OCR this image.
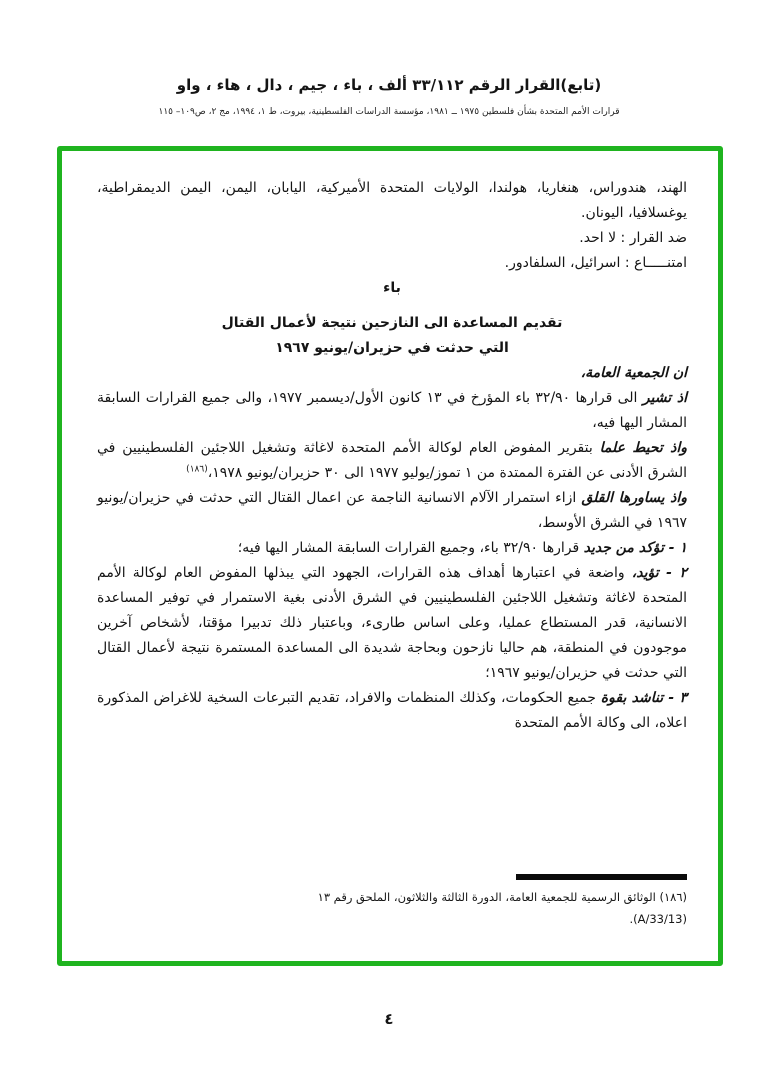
(تابع)القرار الرقم ٣٣/١١٢ ألف ، باء ، جيم ، دال ، هاء ، واو
قرارات الأمم المتحدة بشأن فلسطين ١٩٧٥ ــ ١٩٨١، مؤسسة الدراسات الفلسطينية، بيروت، ط ١، ١٩٩٤، مج ٢، ص١٠٩– ١١٥

الهند، هندوراس، هنغاريا، هولندا، الولايات المتحدة الأميركية، اليابان، اليمن، اليمن الديمقراطية، يوغسلافيا، اليونان.

ضد القرار : لا احد.

امتنـــــاع : اسرائيل، السلفادور.

باء

تقديم المساعدة الى النازحين نتيجة لأعمال القتال

التي حدثت في حزيران/يونيو ١٩٦٧

ان الجمعية العامة،

اذ تشير الى قرارها ٣٢/٩٠ باء المؤرخ في ١٣ كانون الأول/ديسمبر ١٩٧٧، والى جميع القرارات السابقة المشار اليها فيه،

واذ تحيط علما بتقرير المفوض العام لوكالة الأمم المتحدة لاغاثة وتشغيل اللاجئين الفلسطينيين في الشرق الأدنى عن الفترة الممتدة من ١ تموز/يوليو ١٩٧٧ الى ٣٠ حزيران/يونيو ١٩٧٨،$^{(١٨٦)}$

واذ يساورها القلق ازاء استمرار الآلام الانسانية الناجمة عن اعمال القتال التي حدثت في حزيران/يونيو ١٩٦٧ في الشرق الأوسط،

١ - تؤكد من جديد قرارها ٣٢/٩٠ باء، وجميع القرارات السابقة المشار اليها فيه؛

٢ - تؤيد، واضعة في اعتبارها أهداف هذه القرارات، الجهود التي يبذلها المفوض العام لوكالة الأمم المتحدة لاغاثة وتشغيل اللاجئين الفلسطينيين في الشرق الأدنى بغية الاستمرار في توفير المساعدة الانسانية، قدر المستطاع عمليا، وعلى اساس طارىء، وباعتبار ذلك تدبيرا مؤقتا، لأشخاص آخرين موجودون في المنطقة، هم حاليا نازحون وبحاجة شديدة الى المساعدة المستمرة نتيجة لأعمال القتال التي حدثت في حزيران/يونيو ١٩٦٧؛

٣ - تناشد بقوة جميع الحكومات، وكذلك المنظمات والافراد، تقديم التبرعات السخية للاغراض المذكورة اعلاه، الى وكالة الأمم المتحدة

(١٨٦) الوثائق الرسمية للجمعية العامة، الدورة الثالثة والثلاثون، الملحق رقم ١٣
(A/33/13).
٤
